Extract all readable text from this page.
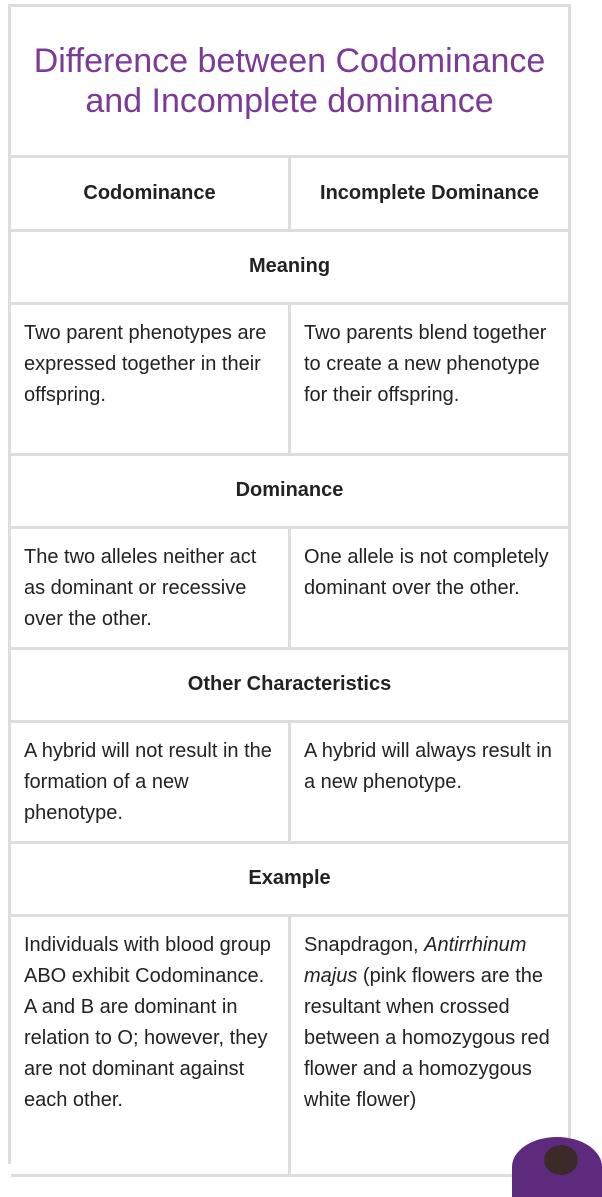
Difference between Codominance and Incomplete dominance	
Codominance	Incomplete Dominance
Meaning	
Two parent phenotypes are expressed together in their offspring.	Two parents blend together to create a new phenotype for their offspring.
Dominance	
The two alleles neither act as dominant or recessive over the other.	One allele is not completely dominant over the other.
Other Characteristics	
A hybrid will not result in the formation of a new phenotype.	A hybrid will always result in a new phenotype.
Example	
Individuals with blood group ABO exhibit Codominance. A and B are dominant in relation to O; however, they are not dominant against each other.	Snapdragon, Antirrhinum majus (pink flowers are the resultant when crossed between a homozygous red flower and a homozygous white flower)
